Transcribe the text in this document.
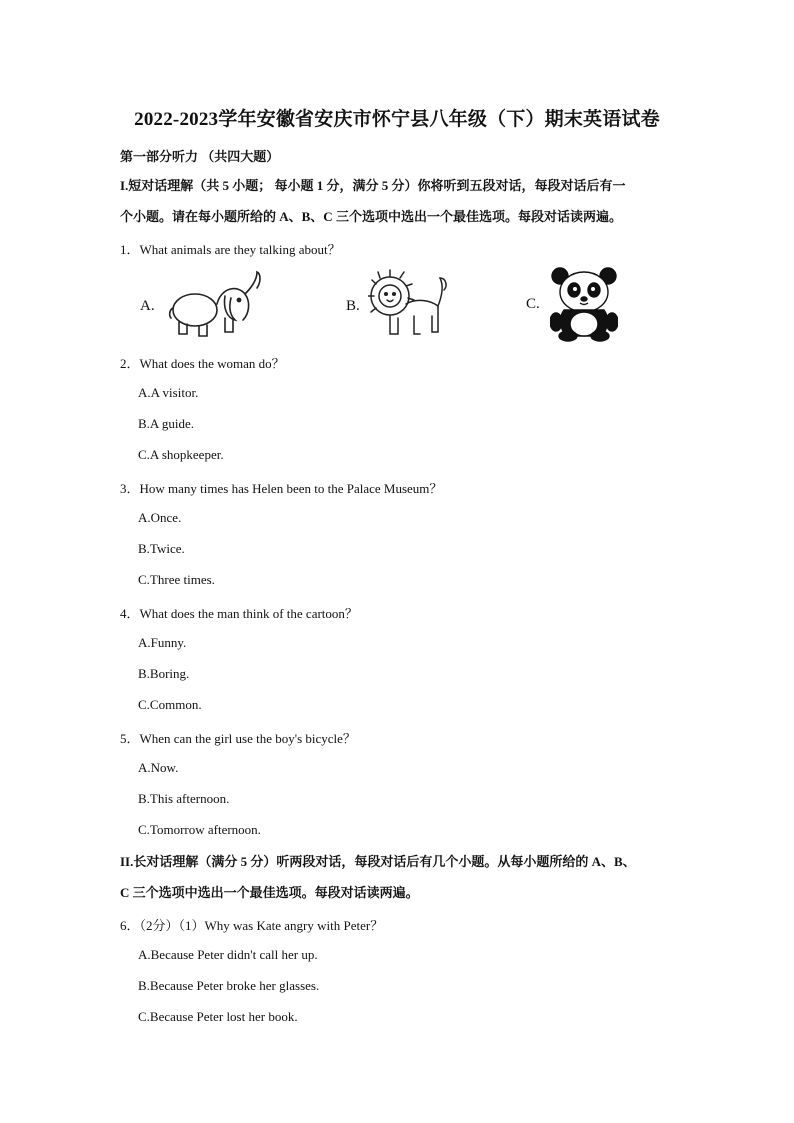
2022-2023学年安徽省安庆市怀宁县八年级（下）期末英语试卷
第一部分听力 （共四大题）
I.短对话理解（共 5 小题； 每小题 1 分，满分 5 分）你将听到五段对话，每段对话后有一
个小题。请在每小题所给的 A、B、C 三个选项中选出一个最佳选项。每段对话读两遍。
1．What animals are they talking about？
A.	B.	C.
2．What does the woman do？
A.A visitor.
B.A guide.
C.A shopkeeper.
3．How many times has Helen been to the Palace Museum？
A.Once.
B.Twice.
C.Three times.
4．What does the man think of the cartoon？
A.Funny.
B.Boring.
C.Common.
5．When can the girl use the boy's bicycle？
A.Now.
B.This afternoon.
C.Tomorrow afternoon.
II.长对话理解（满分 5 分）听两段对话，每段对话后有几个小题。从每小题所给的 A、B、
C 三个选项中选出一个最佳选项。每段对话读两遍。
6．（2分）（1）Why was Kate angry with Peter？
A.Because Peter didn't call her up.
B.Because Peter broke her glasses.
C.Because Peter lost her book.
